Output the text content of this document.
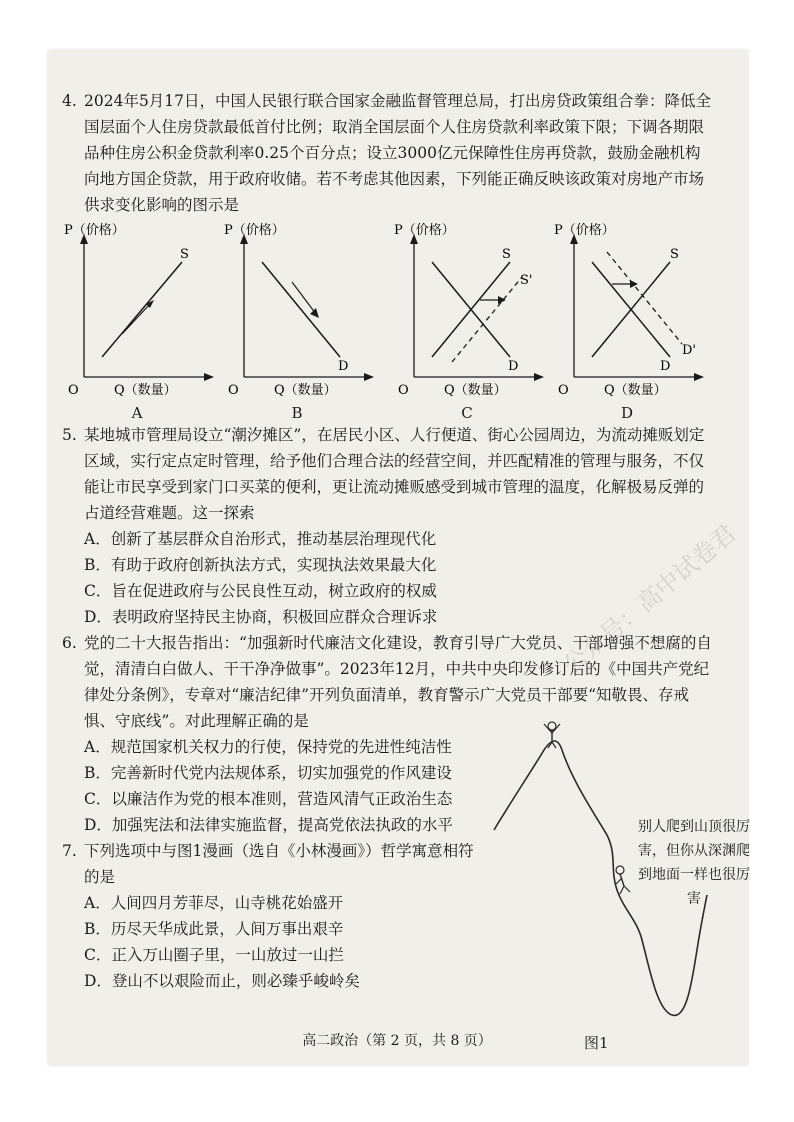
公众号：高中试卷君

4. 2024年5月17日，中国人民银行联合国家金融监督管理总局，打出房贷政策组合拳：降低全国层面个人住房贷款最低首付比例；取消全国层面个人住房贷款利率政策下限；下调各期限品种住房公积金贷款利率0.25个百分点；设立3000亿元保障性住房再贷款，鼓励金融机构向地方国企贷款，用于政府收储。若不考虑其他因素，下列能正确反映该政策对房地产市场供求变化影响的图示是

P（价格）
Q（数量）
O
S
A
P（价格）
Q（数量）
O
D
B
P（价格）
Q（数量）
O
S
S'
D
C
P（价格）
Q（数量）
O
S
D
D'
D

5. 某地城市管理局设立“潮汐摊区”，在居民小区、人行便道、街心公园周边，为流动摊贩划定区域，实行定点定时管理，给予他们合理合法的经营空间，并匹配精准的管理与服务，不仅能让市民享受到家门口买菜的便利，更让流动摊贩感受到城市管理的温度，化解极易反弹的占道经营难题。这一探索

A．创新了基层群众自治形式，推动基层治理现代化
B．有助于政府创新执法方式，实现执法效果最大化
C．旨在促进政府与公民良性互动，树立政府的权威
D．表明政府坚持民主协商，积极回应群众合理诉求

6. 党的二十大报告指出：“加强新时代廉洁文化建设，教育引导广大党员、干部增强不想腐的自觉，清清白白做人、干干净净做事”。2023年12月，中共中央印发修订后的《中国共产党纪律处分条例》，专章对“廉洁纪律”开列负面清单，教育警示广大党员干部要“知敬畏、存戒惧、守底线”。对此理解正确的是

A．规范国家机关权力的行使，保持党的先进性纯洁性
B．完善新时代党内法规体系，切实加强党的作风建设
C．以廉洁作为党的根本准则，营造风清气正政治生态
D．加强宪法和法律实施监督，提高党依法执政的水平

7. 下列选项中与图1漫画（选自《小林漫画》）哲学寓意相符的是

A．人间四月芳菲尽，山寺桃花始盛开
B．历尽天华成此景，人间万事出艰辛
C．正入万山圈子里，一山放过一山拦
D．登山不以艰险而止，则必臻乎峻岭矣
别人爬到山顶很厉害，但你从深渊爬到地面一样也很厉害
图1
高二政治（第 2 页，共 8 页）
